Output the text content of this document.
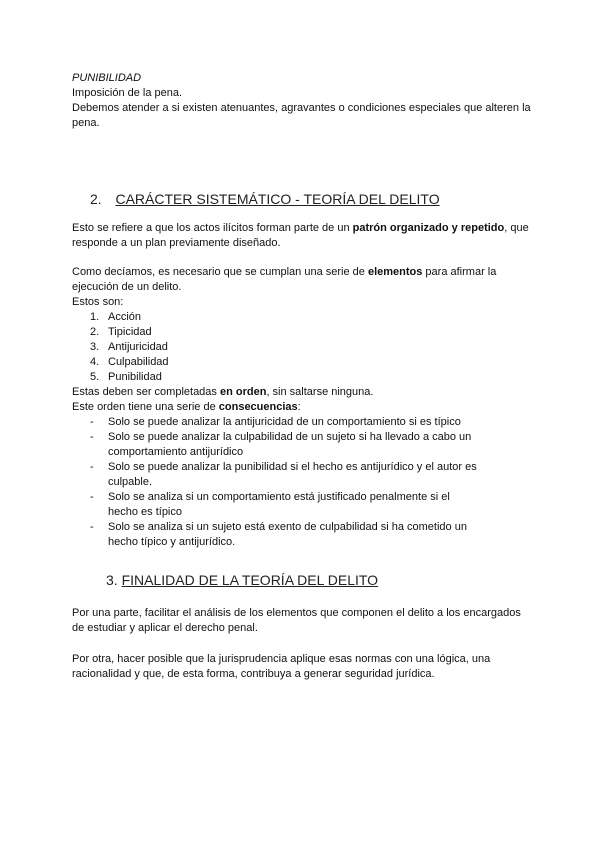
PUNIBILIDAD

Imposición de la pena.

Debemos atender a si existen atenuantes, agravantes o condiciones especiales que alteren la pena.

2. CARÁCTER SISTEMÁTICO - TEORÍA DEL DELITO

Esto se refiere a que los actos ilícitos forman parte de un patrón organizado y repetido, que responde a un plan previamente diseñado.

Como decíamos, es necesario que se cumplan una serie de elementos para afirmar la ejecución de un delito.

Estos son:

1. Acción
2. Tipicidad
3. Antijuricidad
4. Culpabilidad
5. Punibilidad

Estas deben ser completadas en orden, sin saltarse ninguna.

Este orden tiene una serie de consecuencias:

- Solo se puede analizar la antijuricidad de un comportamiento si es típico
- Solo se puede analizar la culpabilidad de un sujeto si ha llevado a cabo un comportamiento antijurídico
- Solo se puede analizar la punibilidad si el hecho es antijurídico y el autor es culpable.
- Solo se analiza si un comportamiento está justificado penalmente si el hecho es típico
- Solo se analiza si un sujeto está exento de culpabilidad si ha cometido un hecho típico y antijurídico.
3. FINALIDAD DE LA TEORÍA DEL DELITO

Por una parte, facilitar el análisis de los elementos que componen el delito a los encargados de estudiar y aplicar el derecho penal.

Por otra, hacer posible que la jurisprudencia aplique esas normas con una lógica, una racionalidad y que, de esta forma, contribuya a generar seguridad jurídica.
